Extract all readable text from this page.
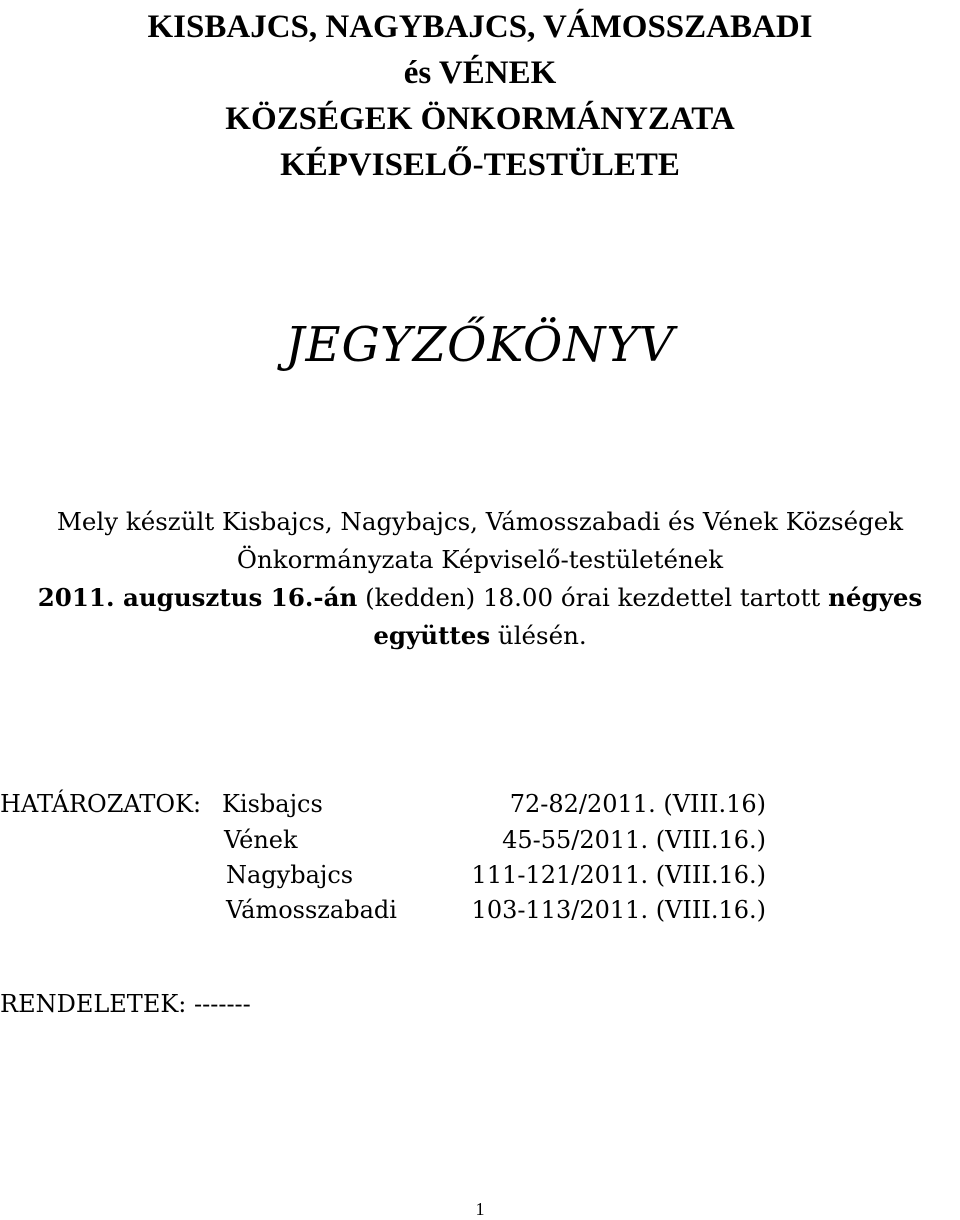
KISBAJCS, NAGYBAJCS, VÁMOSSZABADI
és VÉNEK
KÖZSÉGEK ÖNKORMÁNYZATA
KÉPVISELŐ-TESTÜLETE
JEGYZŐKÖNYV
Mely készült Kisbajcs, Nagybajcs, Vámosszabadi és Vének Községek
Önkormányzata Képviselő-testületének
2011. augusztus 16.-án (kedden) 18.00 órai kezdettel tartott négyes
együttes ülésén.
HATÁROZATOK: Kisbajcs	72-82/2011. (VIII.16)
Vének	45-55/2011. (VIII.16.)
Nagybajcs	111-121/2011. (VIII.16.)
Vámosszabadi	103-113/2011. (VIII.16.)
RENDELETEK: -------
1
